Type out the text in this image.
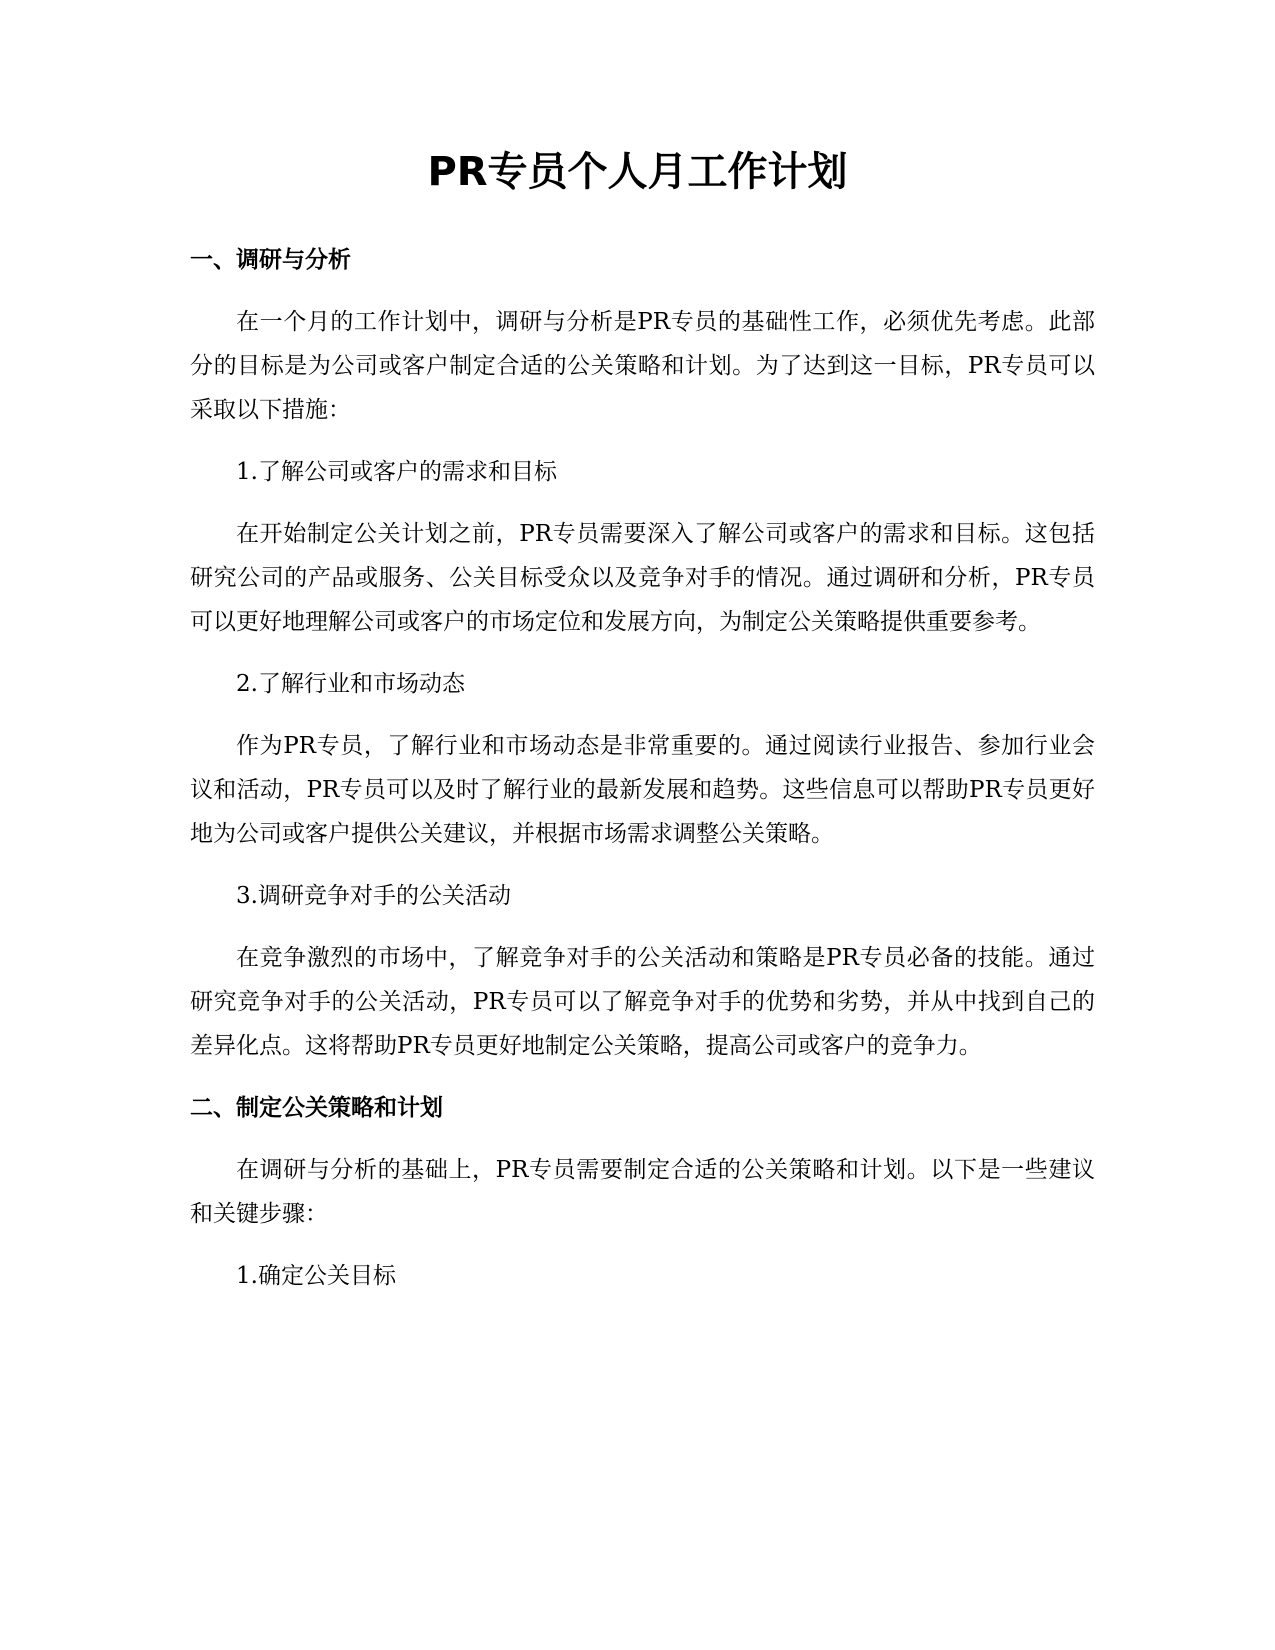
PR专员个人月工作计划
一、调研与分析

在一个月的工作计划中，调研与分析是PR专员的基础性工作，必须优先考虑。此部分的目标是为公司或客户制定合适的公关策略和计划。为了达到这一目标，PR专员可以采取以下措施：

1.了解公司或客户的需求和目标

在开始制定公关计划之前，PR专员需要深入了解公司或客户的需求和目标。这包括研究公司的产品或服务、公关目标受众以及竞争对手的情况。通过调研和分析，PR专员可以更好地理解公司或客户的市场定位和发展方向，为制定公关策略提供重要参考。

2.了解行业和市场动态

作为PR专员，了解行业和市场动态是非常重要的。通过阅读行业报告、参加行业会议和活动，PR专员可以及时了解行业的最新发展和趋势。这些信息可以帮助PR专员更好地为公司或客户提供公关建议，并根据市场需求调整公关策略。

3.调研竞争对手的公关活动

在竞争激烈的市场中，了解竞争对手的公关活动和策略是PR专员必备的技能。通过研究竞争对手的公关活动，PR专员可以了解竞争对手的优势和劣势，并从中找到自己的差异化点。这将帮助PR专员更好地制定公关策略，提高公司或客户的竞争力。

二、制定公关策略和计划

在调研与分析的基础上，PR专员需要制定合适的公关策略和计划。以下是一些建议和关键步骤：

1.确定公关目标
